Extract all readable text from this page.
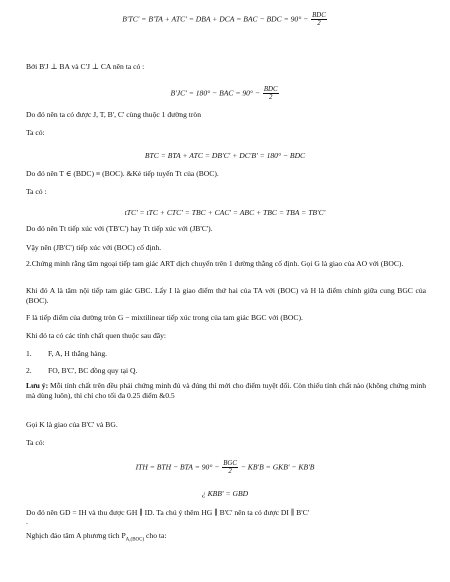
B'TC' = B'TA + ATC' = DBA + DCA = BAC − BDC = $90^\circ - \frac{\text{BDC}}{2}$
Bởi B'J ⊥ BA và C'J ⊥ CA nên ta có :
B'JC' = 180° − BAC = $90^\circ - \frac{\text{BDC}}{2}$
Do đó nên ta có được J, T, B', C' cùng thuộc 1 đường tròn
Ta có:
BTC = BTA + ATC = DB'C' + DC'B' = 180° − BDC
Do đó nên T ∈ (BDC) ≡ (BOC). &Kẻ tiếp tuyến Tt của (BOC).
Ta có :
tTC' = tTC + CTC' = TBC + CAC' = ABC + TBC = TBA = TB'C'
Do đó nên Tt tiếp xúc với (TB'C') hay Tt tiếp xúc với (JB'C').
Vậy nên (JB'C') tiếp xúc với (BOC) cố định.
2.Chứng minh rằng tâm ngoại tiếp tam giác ART dịch chuyển trên 1 đường thẳng cố định. Gọi G là giao của AO với (BOC).
Khi đó A là tâm nội tiếp tam giác GBC. Lấy I là giao điểm thứ hai của TA với (BOC) và H là điểm chính giữa cung BGC của (BOC).
F là tiếp điểm của đường tròn G − mixtilinear tiếp xúc trong của tam giác BGC với (BOC).
Khi đó ta có các tính chất quen thuộc sau đây:
1. F, A, H thẳng hàng.
2. FO, B'C', BC đồng quy tại Q.
Lưu ý: Mỗi tính chất trên đều phải chứng minh đủ và đúng thì mới cho điểm tuyệt đối. Còn thiếu tính chất nào (không chứng minh mà dùng luôn), thì chỉ cho tối đa 0.25 điểm &0.5
Gọi K là giao của B'C' và BG.
Ta có:
ITH = BTH − BTA = $90^\circ - \frac{\text{BGC}}{2} - KB'B = GKB' - KB'B$
¿ KBB' = GBD
Do đó nên GD = IH và thu được GH ∥ ID. Ta chú ý thêm HG ∥ B'C' nên ta có được DI ∥ B'C'
.
Nghịch đảo tâm A phương tích $P_{A,(BOC)}$ cho ta:
